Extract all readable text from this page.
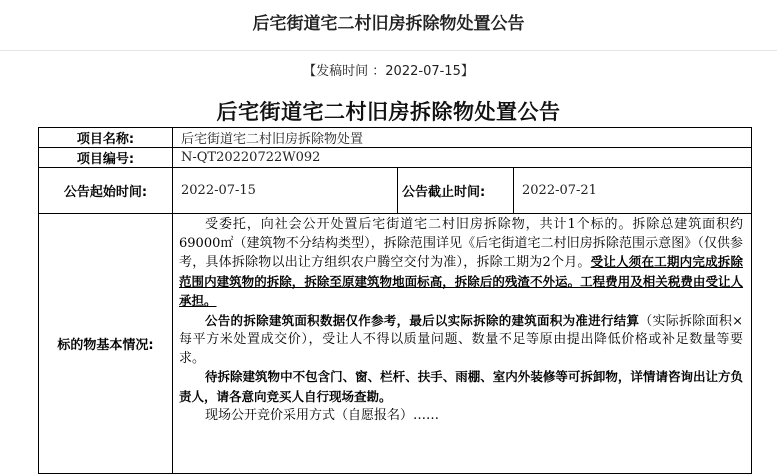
后宅街道宅二村旧房拆除物处置公告
【发稿时间 ：2022-07-15】
后宅街道宅二村旧房拆除物处置公告
项目名称:	后宅街道宅二村旧房拆除物处置		
项目编号:	N-QT20220722W092		
公告起始时间:	2022-07-15	公告截止时间:	2022-07-21
标的物基本情况:	受委托，向社会公开处置后宅街道宅二村旧房拆除物，共计1个标的。拆除总建筑面积约69000㎡（建筑物不分结构类型），拆除范围详见《后宅街道宅二村旧房拆除范围示意图》（仅供参考，具体拆除物以出让方组织农户腾空交付为准），拆除工期为2个月。受让人须在工期内完成拆除范围内建筑物的拆除，拆除至原建筑物地面标高，拆除后的残渣不外运。工程费用及相关税费由受让人承担。

公告的拆除建筑面积数据仅作参考，最后以实际拆除的建筑面积为准进行结算（实际拆除面积×每平方米处置成交价），受让人不得以质量问题、数量不足等原由提出降低价格或补足数量等要求。

待拆除建筑物中不包含门、窗、栏杆、扶手、雨棚、室内外装修等可拆卸物，详情请咨询出让方负责人，请各意向竞买人自行现场查勘。

现场公开竞价采用方式（自愿报名）……		
